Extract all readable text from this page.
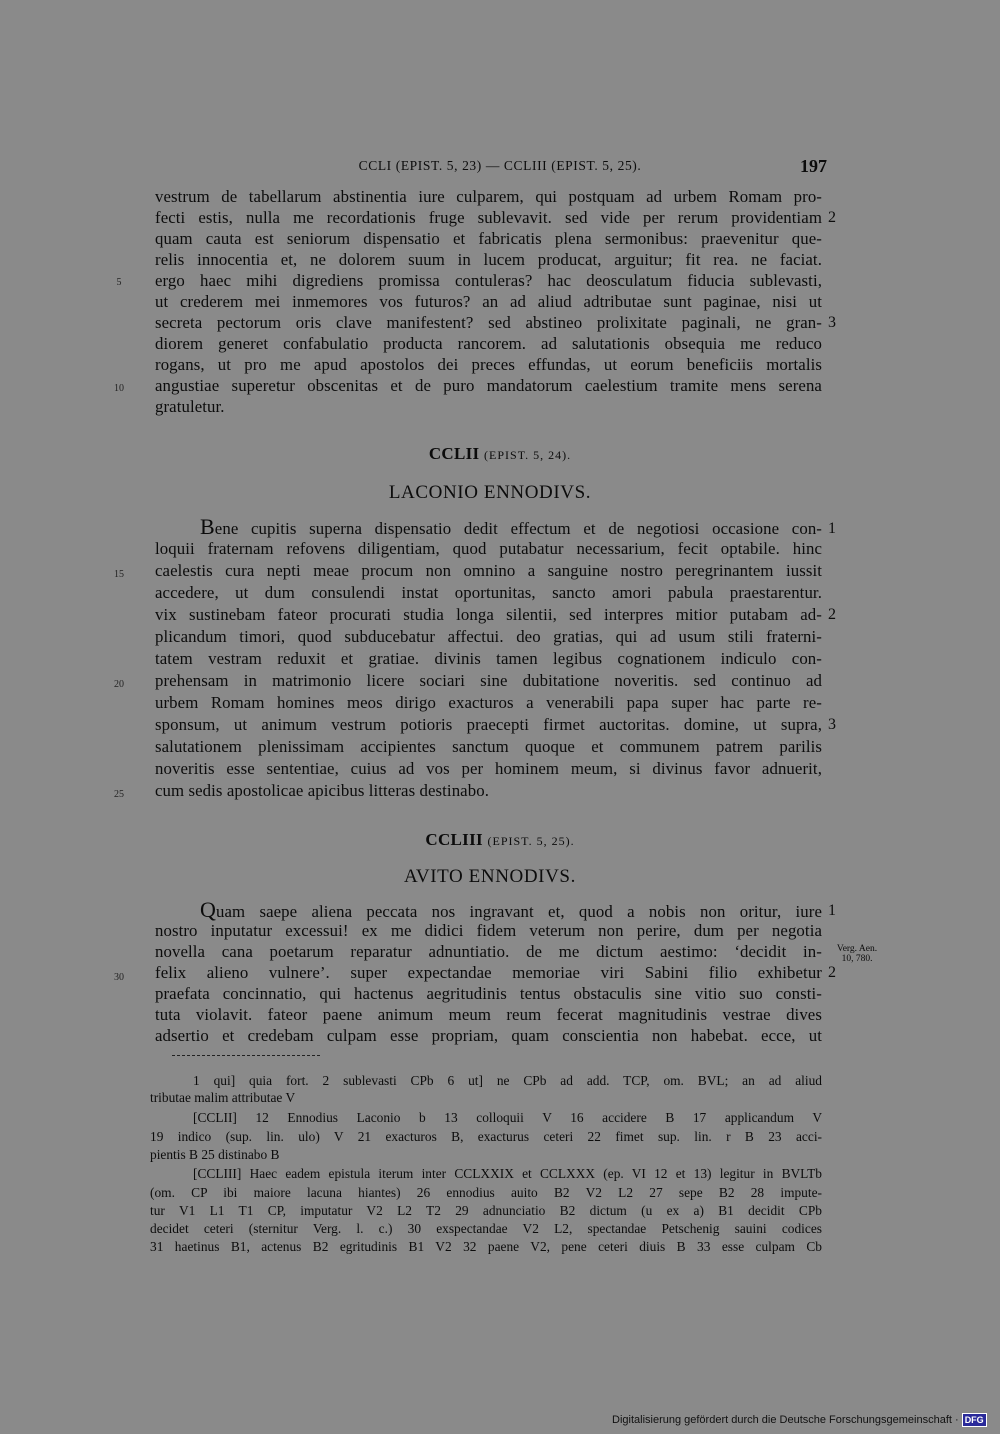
CCLI (EPIST. 5, 23) — CCLIII (EPIST. 5, 25).	197
vestrum de tabellarum abstinentia iure culparem, qui postquam ad urbem Romam pro-
fecti estis, nulla me recordationis fruge sublevavit. sed vide per rerum providentiam
quam cauta est seniorum dispensatio et fabricatis plena sermonibus: praevenitur que-
relis innocentia et, ne dolorem suum in lucem producat, arguitur; fit rea. ne faciat.
ergo haec mihi digrediens promissa contuleras? hac deosculatum fiducia sublevasti,
ut crederem mei inmemores vos futuros? an ad aliud adtributae sunt paginae, nisi ut
secreta pectorum oris clave manifestent? sed abstineo prolixitate paginali, ne gran-
diorem generet confabulatio producta rancorem. ad salutationis obsequia me reduco
rogans, ut pro me apud apostolos dei preces effundas, ut eorum beneficiis mortalis
angustiae superetur obscenitas et de puro mandatorum caelestium tramite mens serena
gratuletur.
5
10
2
3
CCLII (EPIST. 5, 24).
LACONIO ENNODIVS.
Bene cupitis superna dispensatio dedit effectum et de negotiosi occasione con-
loquii fraternam refovens diligentiam, quod putabatur necessarium, fecit optabile. hinc
caelestis cura nepti meae procum non omnino a sanguine nostro peregrinantem iussit
accedere, ut dum consulendi instat oportunitas, sancto amori pabula praestarentur.
vix sustinebam fateor procurati studia longa silentii, sed interpres mitior putabam ad-
plicandum timori, quod subducebatur affectui. deo gratias, qui ad usum stili fraterni-
tatem vestram reduxit et gratiae. divinis tamen legibus cognationem indiculo con-
prehensam in matrimonio licere sociari sine dubitatione noveritis. sed continuo ad
urbem Romam homines meos dirigo exacturos a venerabili papa super hac parte re-
sponsum, ut animum vestrum potioris praecepti firmet auctoritas. domine, ut supra,
salutationem plenissimam accipientes sanctum quoque et communem patrem parilis
noveritis esse sententiae, cuius ad vos per hominem meum, si divinus favor adnuerit,
cum sedis apostolicae apicibus litteras destinabo.
15
20
25
1
2
3
CCLIII (EPIST. 5, 25).
AVITO ENNODIVS.
Quam saepe aliena peccata nos ingravant et, quod a nobis non oritur, iure
nostro inputatur excessui! ex me didici fidem veterum non perire, dum per negotia
novella cana poetarum reparatur adnuntiatio. de me dictum aestimo: ‘decidit in-
felix alieno vulnere’. super expectandae memoriae viri Sabini filio exhibetur
praefata concinnatio, qui hactenus aegritudinis tentus obstaculis sine vitio suo consti-
tuta violavit. fateor paene animum meum reum fecerat magnitudinis vestrae dives
adsertio et credebam culpam esse propriam, quam conscientia non habebat. ecce, ut
30
1
2
Verg. Aen.
10, 780.
1 qui] quia fort. 2 sublevasti CPb 6 ut] ne CPb ad add. TCP, om. BVL; an ad aliud
tributae malim attributae V
[CCLII] 12 Ennodius Laconio b 13 colloquii V 16 accidere B 17 applicandum V
19 indico (sup. lin. ulo) V 21 exacturos B, exacturus ceteri 22 fimet sup. lin. r B 23 acci-
pientis B 25 distinabo B
[CCLIII] Haec eadem epistula iterum inter CCLXXIX et CCLXXX (ep. VI 12 et 13) legitur in BVLTb
(om. CP ibi maiore lacuna hiantes) 26 ennodius auito B2 V2 L2 27 sepe B2 28 impute-
tur V1 L1 T1 CP, imputatur V2 L2 T2 29 adnunciatio B2 dictum (u ex a) B1 decidit CPb
decidet ceteri (sternitur Verg. l. c.) 30 exspectandae V2 L2, spectandae Petschenig sauini codices
31 haetinus B1, actenus B2 egritudinis B1 V2 32 paene V2, pene ceteri diuis B 33 esse culpam Cb
Digitalisierung gefördert durch die Deutsche Forschungsgemeinschaft · DFG
